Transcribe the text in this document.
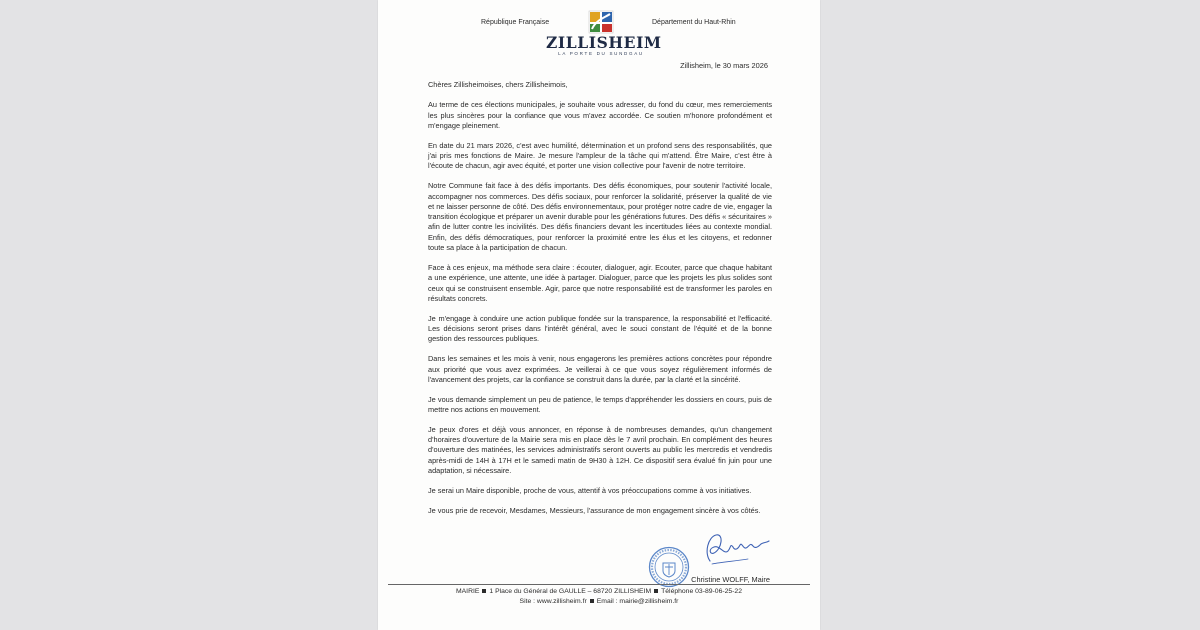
République Française
ZILLISHEIM
LA PORTE DU SUNDGAU
Département du Haut-Rhin
Zillisheim, le 30 mars 2026

Chères Zillisheimoises, chers Zillisheimois,

Au terme de ces élections municipales, je souhaite vous adresser, du fond du cœur, mes remerciements les plus sincères pour la confiance que vous m'avez accordée. Ce soutien m'honore profondément et m'engage pleinement.

En date du 21 mars 2026, c'est avec humilité, détermination et un profond sens des responsabilités, que j'ai pris mes fonctions de Maire. Je mesure l'ampleur de la tâche qui m'attend. Être Maire, c'est être à l'écoute de chacun, agir avec équité, et porter une vision collective pour l'avenir de notre territoire.

Notre Commune fait face à des défis importants. Des défis économiques, pour soutenir l'activité locale, accompagner nos commerces. Des défis sociaux, pour renforcer la solidarité, préserver la qualité de vie et ne laisser personne de côté. Des défis environnementaux, pour protéger notre cadre de vie, engager la transition écologique et préparer un avenir durable pour les générations futures. Des défis « sécuritaires » afin de lutter contre les incivilités. Des défis financiers devant les incertitudes liées au contexte mondial. Enfin, des défis démocratiques, pour renforcer la proximité entre les élus et les citoyens, et redonner toute sa place à la participation de chacun.

Face à ces enjeux, ma méthode sera claire : écouter, dialoguer, agir. Ecouter, parce que chaque habitant a une expérience, une attente, une idée à partager. Dialoguer, parce que les projets les plus solides sont ceux qui se construisent ensemble. Agir, parce que notre responsabilité est de transformer les paroles en résultats concrets.

Je m'engage à conduire une action publique fondée sur la transparence, la responsabilité et l'efficacité. Les décisions seront prises dans l'intérêt général, avec le souci constant de l'équité et de la bonne gestion des ressources publiques.

Dans les semaines et les mois à venir, nous engagerons les premières actions concrètes pour répondre aux priorité que vous avez exprimées. Je veillerai à ce que vous soyez régulièrement informés de l'avancement des projets, car la confiance se construit dans la durée, par la clarté et la sincérité.

Je vous demande simplement un peu de patience, le temps d'appréhender les dossiers en cours, puis de mettre nos actions en mouvement.

Je peux d'ores et déjà vous annoncer, en réponse à de nombreuses demandes, qu'un changement d'horaires d'ouverture de la Mairie sera mis en place dès le 7 avril prochain. En complément des heures d'ouverture des matinées, les services administratifs seront ouverts au public les mercredis et vendredis après-midi de 14H à 17H et le samedi matin de 9H30 à 12H. Ce dispositif sera évalué fin juin pour une adaptation, si nécessaire.

Je serai un Maire disponible, proche de vous, attentif à vos préoccupations comme à vos initiatives.

Je vous prie de recevoir, Mesdames, Messieurs, l'assurance de mon engagement sincère à vos côtés.

Christine WOLFF, Maire
MAIRIE 1 Place du Général de GAULLE – 68720 ZILLISHEIM Téléphone 03-89-06-25-22
Site : www.zillisheim.fr Email : mairie@zillisheim.fr
